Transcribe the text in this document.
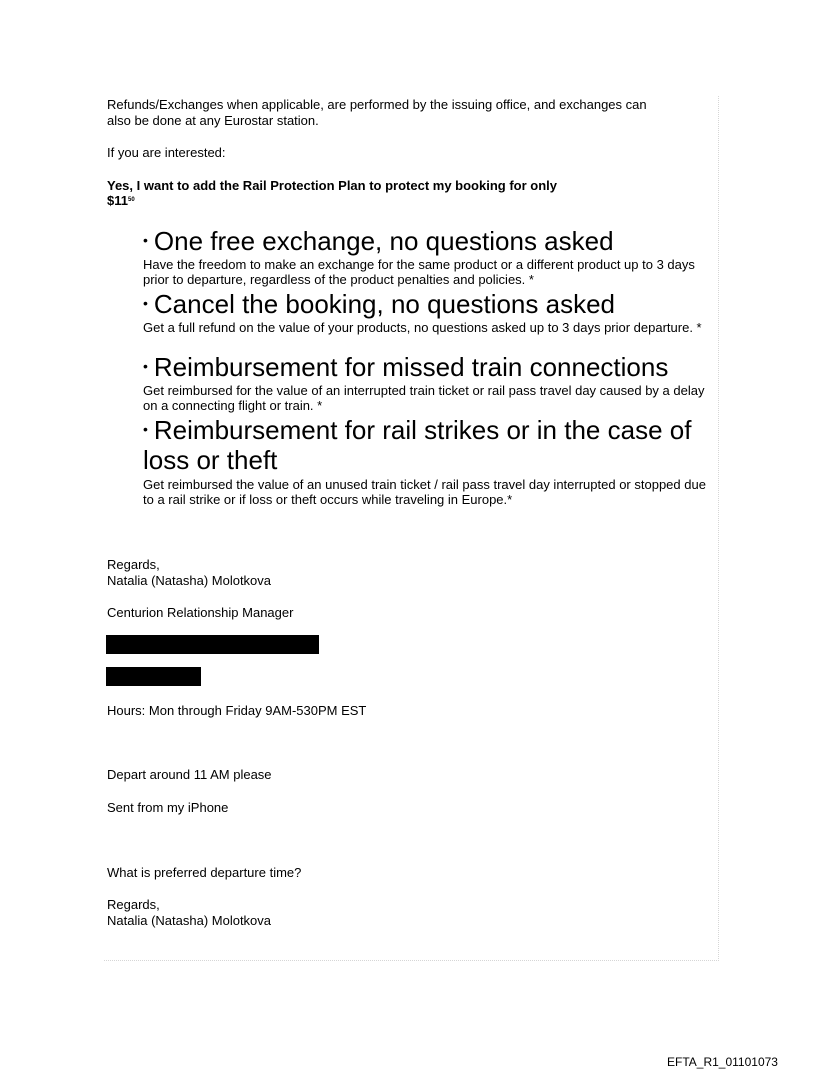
Refunds/Exchanges when applicable, are performed by the issuing office, and exchanges can
also be done at any Eurostar station.
If you are interested:
Yes, I want to add the Rail Protection Plan to protect my booking for only
$\$11^{50}$
• One free exchange, no questions asked
Have the freedom to make an exchange for the same product or a different product up to 3 days prior to departure, regardless of the product penalties and policies. *
• Cancel the booking, no questions asked
Get a full refund on the value of your products, no questions asked up to 3 days prior departure. *
• Reimbursement for missed train connections
Get reimbursed for the value of an interrupted train ticket or rail pass travel day caused by a delay on a connecting flight or train. *
• Reimbursement for rail strikes or in the case of
loss or theft
Get reimbursed the value of an unused train ticket / rail pass travel day interrupted or stopped due to a rail strike or if loss or theft occurs while traveling in Europe.*
Regards,
Natalia (Natasha) Molotkova
Centurion Relationship Manager
Hours: Mon through Friday 9AM-530PM EST
Depart around 11 AM please
Sent from my iPhone
What is preferred departure time?
Regards,
Natalia (Natasha) Molotkova
EFTA_R1_01101073
